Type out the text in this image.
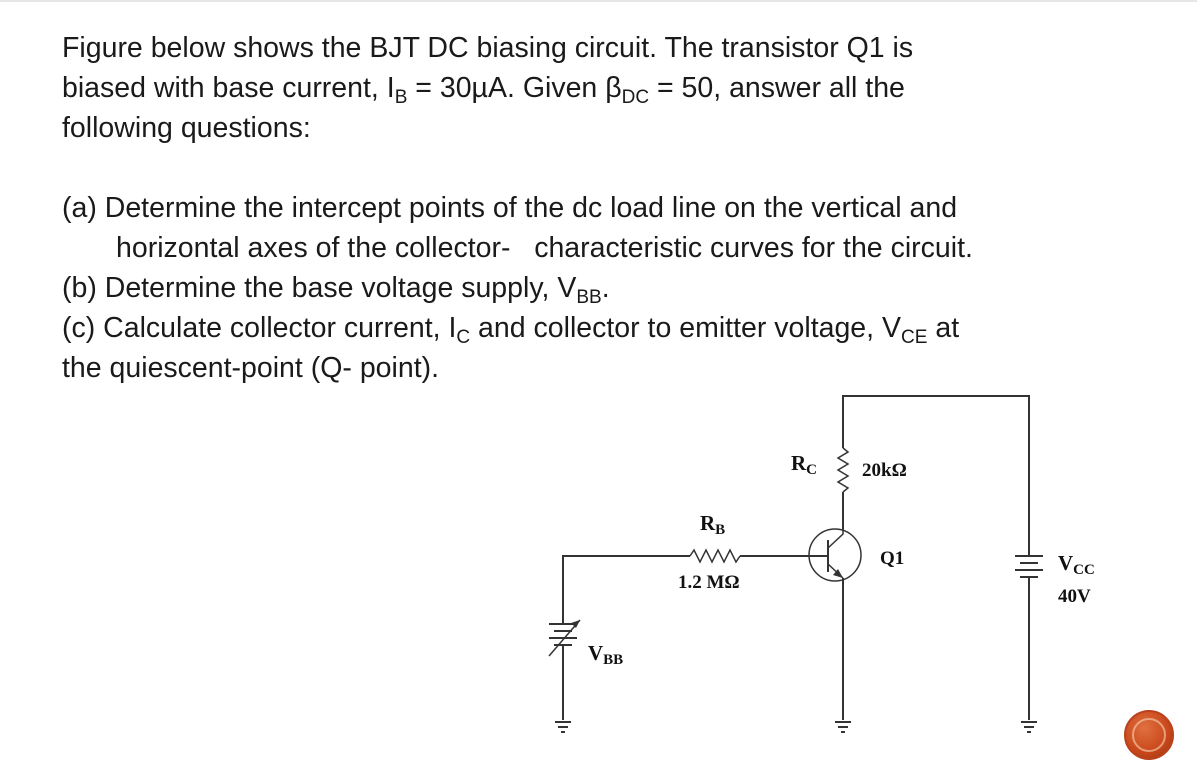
Figure below shows the BJT DC biasing circuit. The transistor Q1 is
biased with base current, $I_B = 30\mu A$. Given $\beta_{DC} = 50$, answer all the
following questions:
(a) Determine the intercept points of the dc load line on the vertical and
horizontal axes of the collector-   characteristic curves for the circuit.
(b) Determine the base voltage supply, $V_{BB}$.
(c) Calculate collector current, $I_C$ and collector to emitter voltage, $V_{CE}$ at
the quiescent-point (Q- point).
RC 20kΩ
RB
1.2 MΩ
Q1	VCC
40V
VBB
